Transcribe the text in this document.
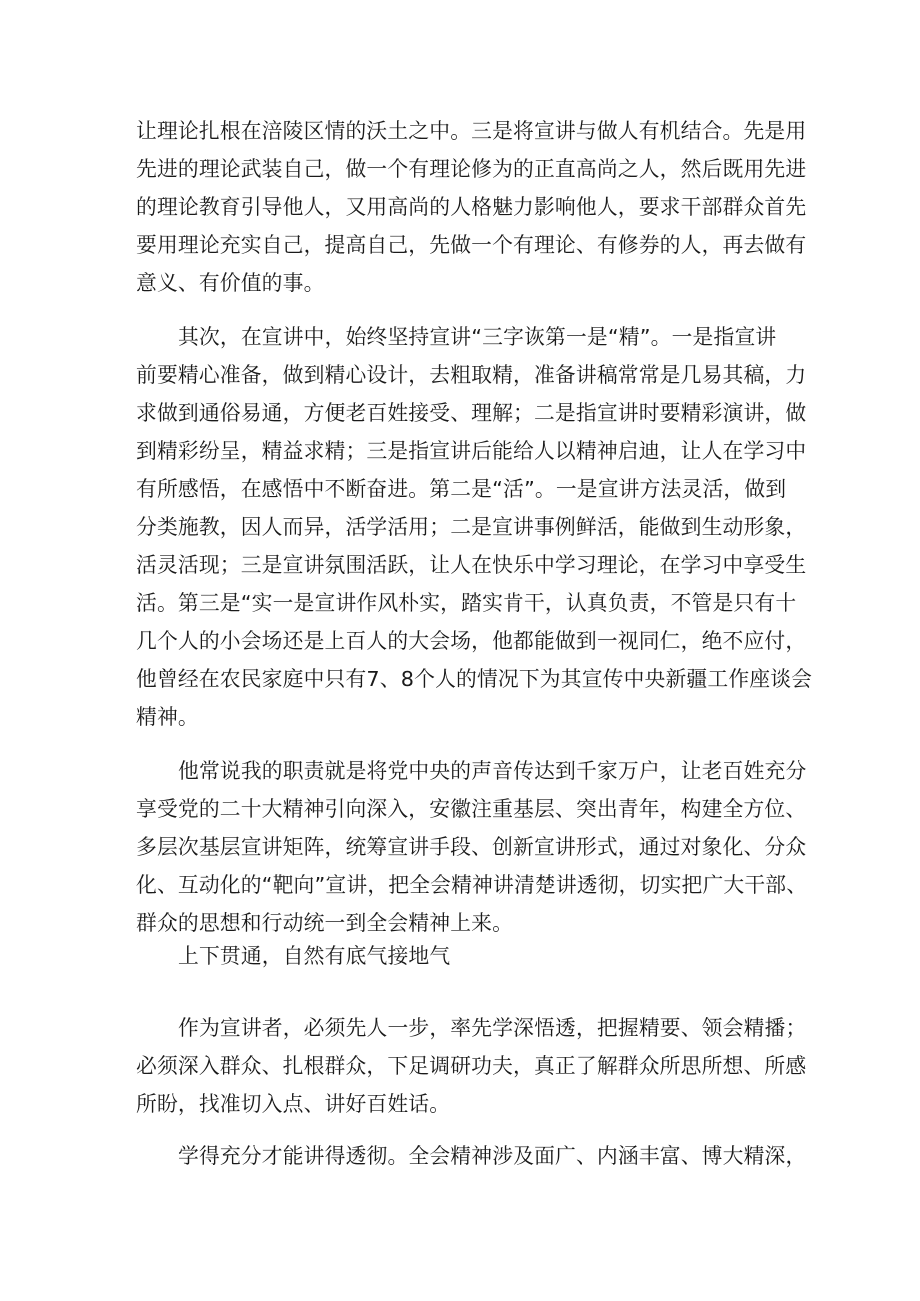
让理论扎根在涪陵区情的沃土之中。三是将宣讲与做人有机结合。先是用
先进的理论武装自己，做一个有理论修为的正直高尚之人，然后既用先进
的理论教育引导他人，又用高尚的人格魅力影响他人，要求干部群众首先
要用理论充实自己，提高自己，先做一个有理论、有修券的人，再去做有
意义、有价值的事。
其次，在宣讲中，始终坚持宣讲“三字诙第一是“精”。一是指宣讲
前要精心准备，做到精心设计，去粗取精，准备讲稿常常是几易其稿，力
求做到通俗易通，方便老百姓接受、理解；二是指宣讲时要精彩演讲，做
到精彩纷呈，精益求精；三是指宣讲后能给人以精神启迪，让人在学习中
有所感悟，在感悟中不断奋进。第二是“活”。一是宣讲方法灵活，做到
分类施教，因人而异，活学活用；二是宣讲事例鲜活，能做到生动形象，
活灵活现；三是宣讲氛围活跃，让人在快乐中学习理论，在学习中享受生
活。第三是“实一是宣讲作风朴实，踏实肯干，认真负责，不管是只有十
几个人的小会场还是上百人的大会场，他都能做到一视同仁，绝不应付，
他曾经在农民家庭中只有7、8个人的情况下为其宣传中央新疆工作座谈会
精神。
他常说我的职责就是将党中央的声音传达到千家万户，让老百姓充分
享受党的二十大精神引向深入，安徽注重基层、突出青年，构建全方位、
多层次基层宣讲矩阵，统筹宣讲手段、创新宣讲形式，通过对象化、分众
化、互动化的“靶向”宣讲，把全会精神讲清楚讲透彻，切实把广大干部、
群众的思想和行动统一到全会精神上来。
上下贯通，自然有底气接地气
作为宣讲者，必须先人一步，率先学深悟透，把握精要、领会精播；
必须深入群众、扎根群众，下足调研功夫，真正了解群众所思所想、所感
所盼，找准切入点、讲好百姓话。
学得充分才能讲得透彻。全会精神涉及面广、内涵丰富、博大精深，
